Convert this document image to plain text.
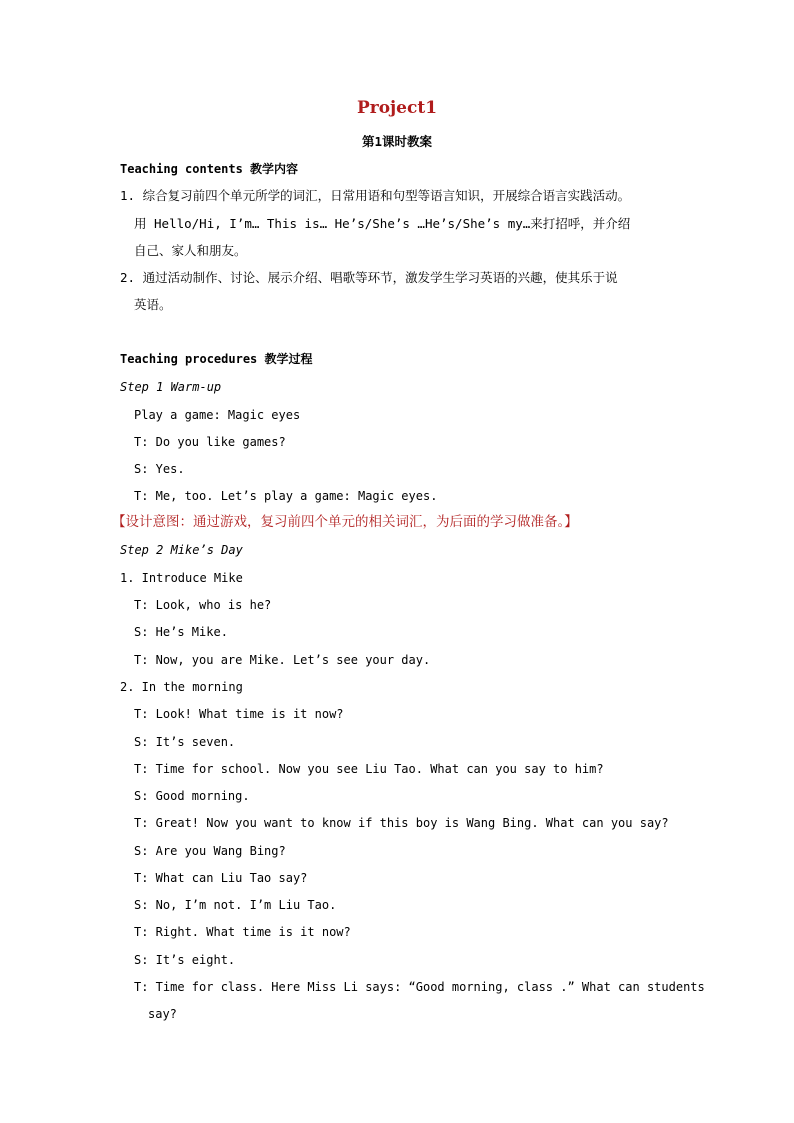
Project1
第1课时教案
Teaching contents 教学内容
1. 综合复习前四个单元所学的词汇，日常用语和句型等语言知识，开展综合语言实践活动。
用 Hello/Hi, I’m… This is… He’s/She’s …He’s/She’s my…来打招呼，并介绍
自己、家人和朋友。
2. 通过活动制作、讨论、展示介绍、唱歌等环节，激发学生学习英语的兴趣，使其乐于说
英语。
Teaching procedures 教学过程
Step 1 Warm-up
Play a game: Magic eyes
T: Do you like games?
S: Yes.
T: Me, too. Let’s play a game: Magic eyes.
【设计意图：通过游戏，复习前四个单元的相关词汇，为后面的学习做准备。】
Step 2 Mike’s Day
1. Introduce Mike
T: Look, who is he?
S: He’s Mike.
T: Now, you are Mike. Let’s see your day.
2. In the morning
T: Look! What time is it now?
S: It’s seven.
T: Time for school. Now you see Liu Tao. What can you say to him?
S: Good morning.
T: Great! Now you want to know if this boy is Wang Bing. What can you say?
S: Are you Wang Bing?
T: What can Liu Tao say?
S: No, I’m not. I’m Liu Tao.
T: Right. What time is it now?
S: It’s eight.
T: Time for class. Here Miss Li says: “Good morning, class .” What can students
say?
